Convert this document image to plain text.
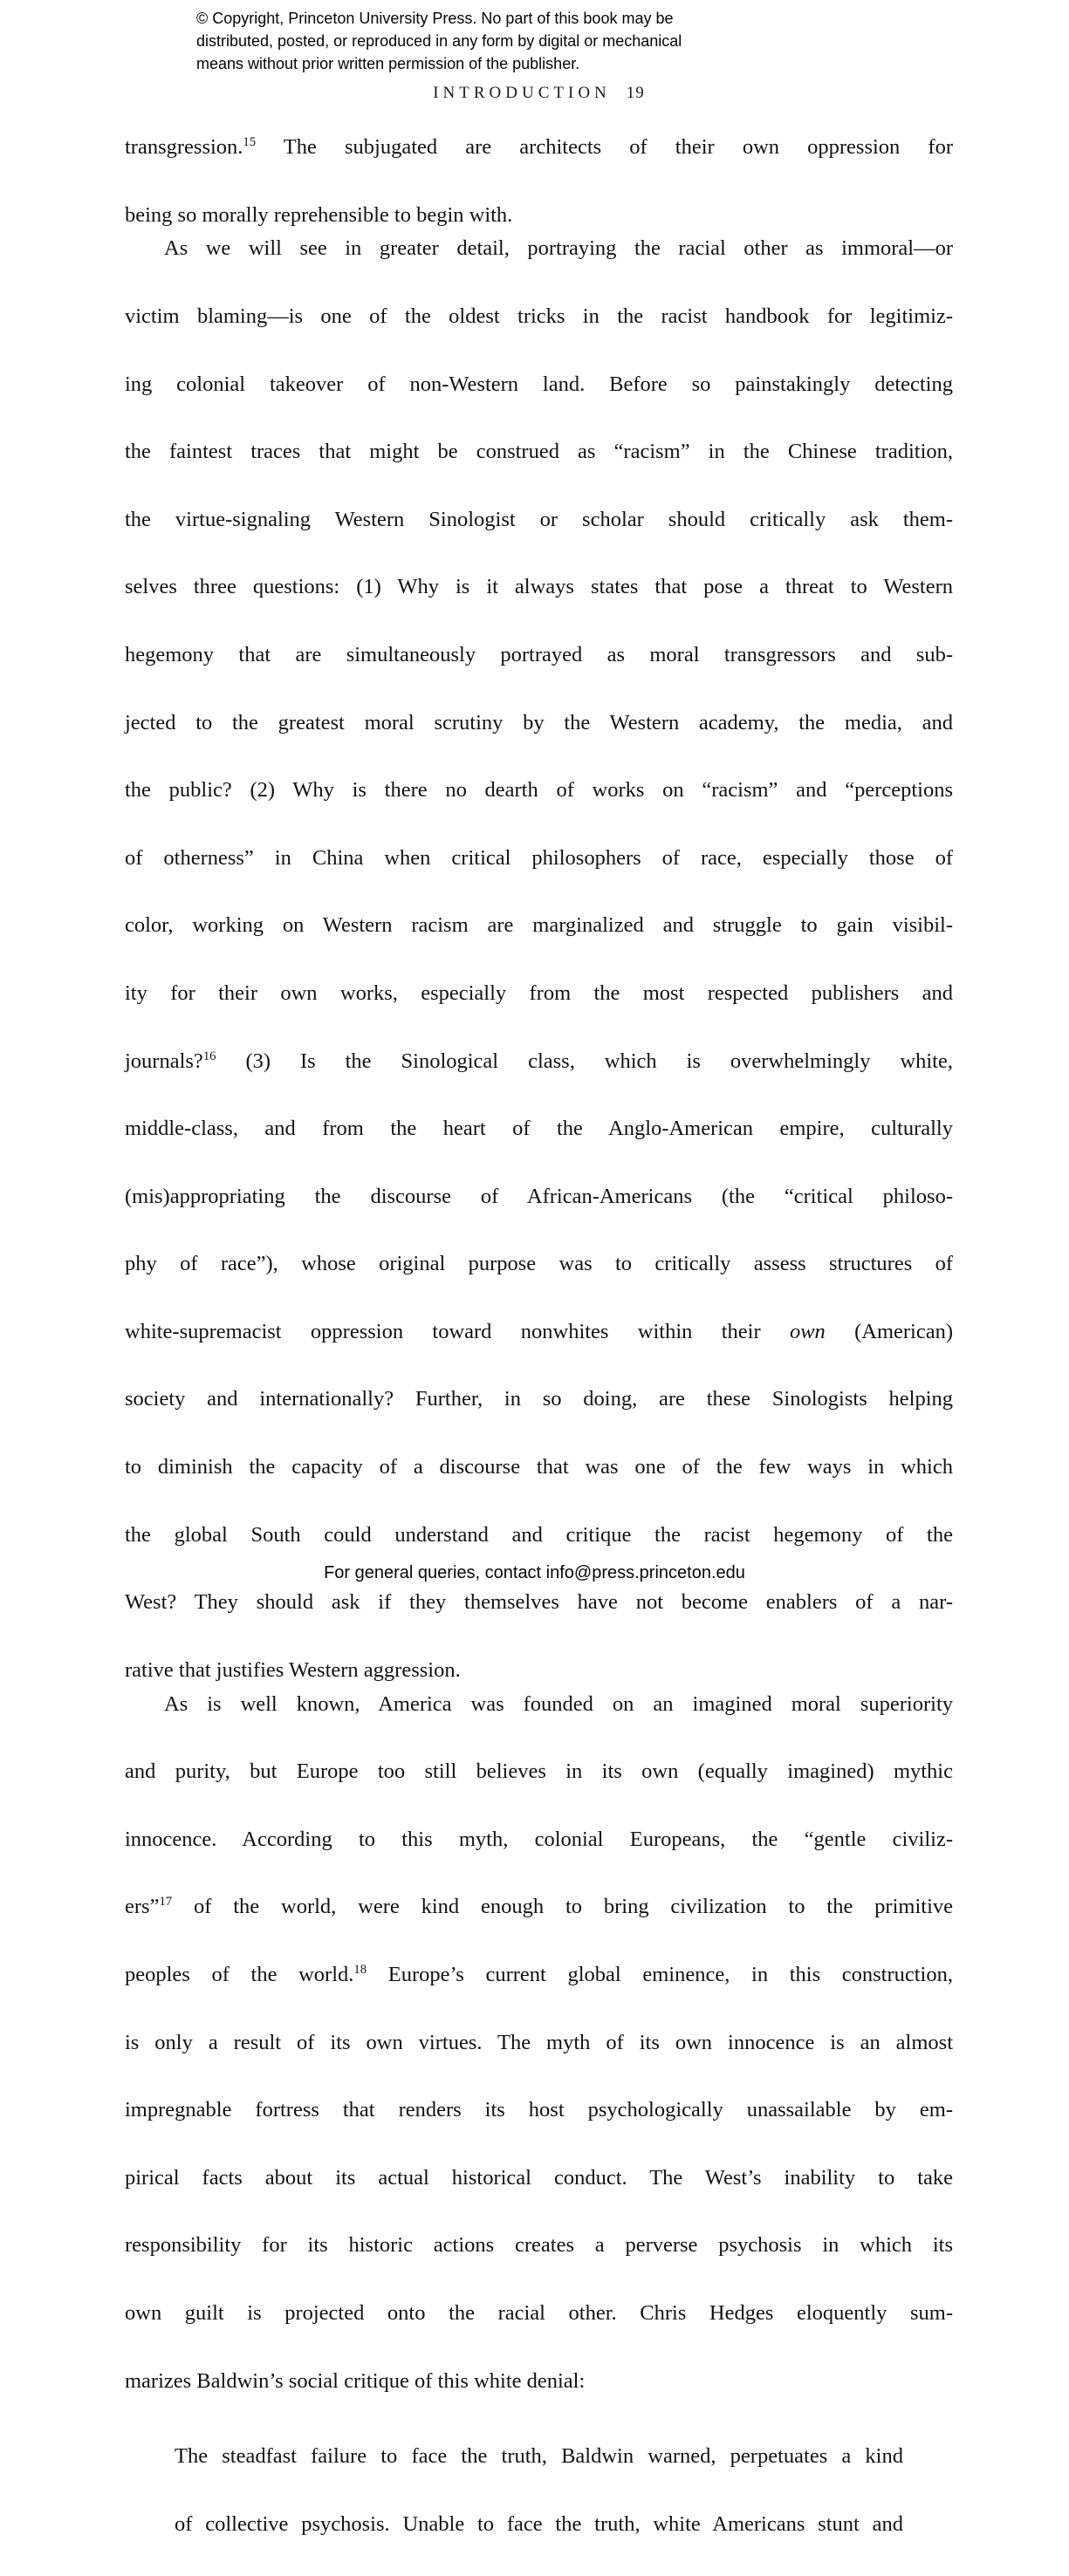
© Copyright, Princeton University Press. No part of this book may be
distributed, posted, or reproduced in any form by digital or mechanical
means without prior written permission of the publisher.
INTRODUCTION 19
transgression.$^{15}$ The subjugated are architects of their own oppression for
being so morally reprehensible to begin with.
As we will see in greater detail, portraying the racial other as immoral—or
victim blaming—is one of the oldest tricks in the racist handbook for legitimiz-
ing colonial takeover of non-Western land. Before so painstakingly detecting
the faintest traces that might be construed as “racism” in the Chinese tradition,
the virtue-signaling Western Sinologist or scholar should critically ask them-
selves three questions: (1) Why is it always states that pose a threat to Western
hegemony that are simultaneously portrayed as moral transgressors and sub-
jected to the greatest moral scrutiny by the Western academy, the media, and
the public? (2) Why is there no dearth of works on “racism” and “perceptions
of otherness” in China when critical philosophers of race, especially those of
color, working on Western racism are marginalized and struggle to gain visibil-
ity for their own works, especially from the most respected publishers and
journals?$^{16}$ (3) Is the Sinological class, which is overwhelmingly white,
middle-class, and from the heart of the Anglo-American empire, culturally
(mis)appropriating the discourse of African-Americans (the “critical philoso-
phy of race”), whose original purpose was to critically assess structures of
white-supremacist oppression toward nonwhites within their own (American)
society and internationally? Further, in so doing, are these Sinologists helping
to diminish the capacity of a discourse that was one of the few ways in which
the global South could understand and critique the racist hegemony of the
West? They should ask if they themselves have not become enablers of a nar-
rative that justifies Western aggression.
As is well known, America was founded on an imagined moral superiority
and purity, but Europe too still believes in its own (equally imagined) mythic
innocence. According to this myth, colonial Europeans, the “gentle civiliz-
ers”$^{17}$ of the world, were kind enough to bring civilization to the primitive
peoples of the world.$^{18}$ Europe’s current global eminence, in this construction,
is only a result of its own virtues. The myth of its own innocence is an almost
impregnable fortress that renders its host psychologically unassailable by em-
pirical facts about its actual historical conduct. The West’s inability to take
responsibility for its historic actions creates a perverse psychosis in which its
own guilt is projected onto the racial other. Chris Hedges eloquently sum-
marizes Baldwin’s social critique of this white denial:
The steadfast failure to face the truth, Baldwin warned, perpetuates a kind
of collective psychosis. Unable to face the truth, white Americans stunt and
For general queries, contact info@press.princeton.edu
